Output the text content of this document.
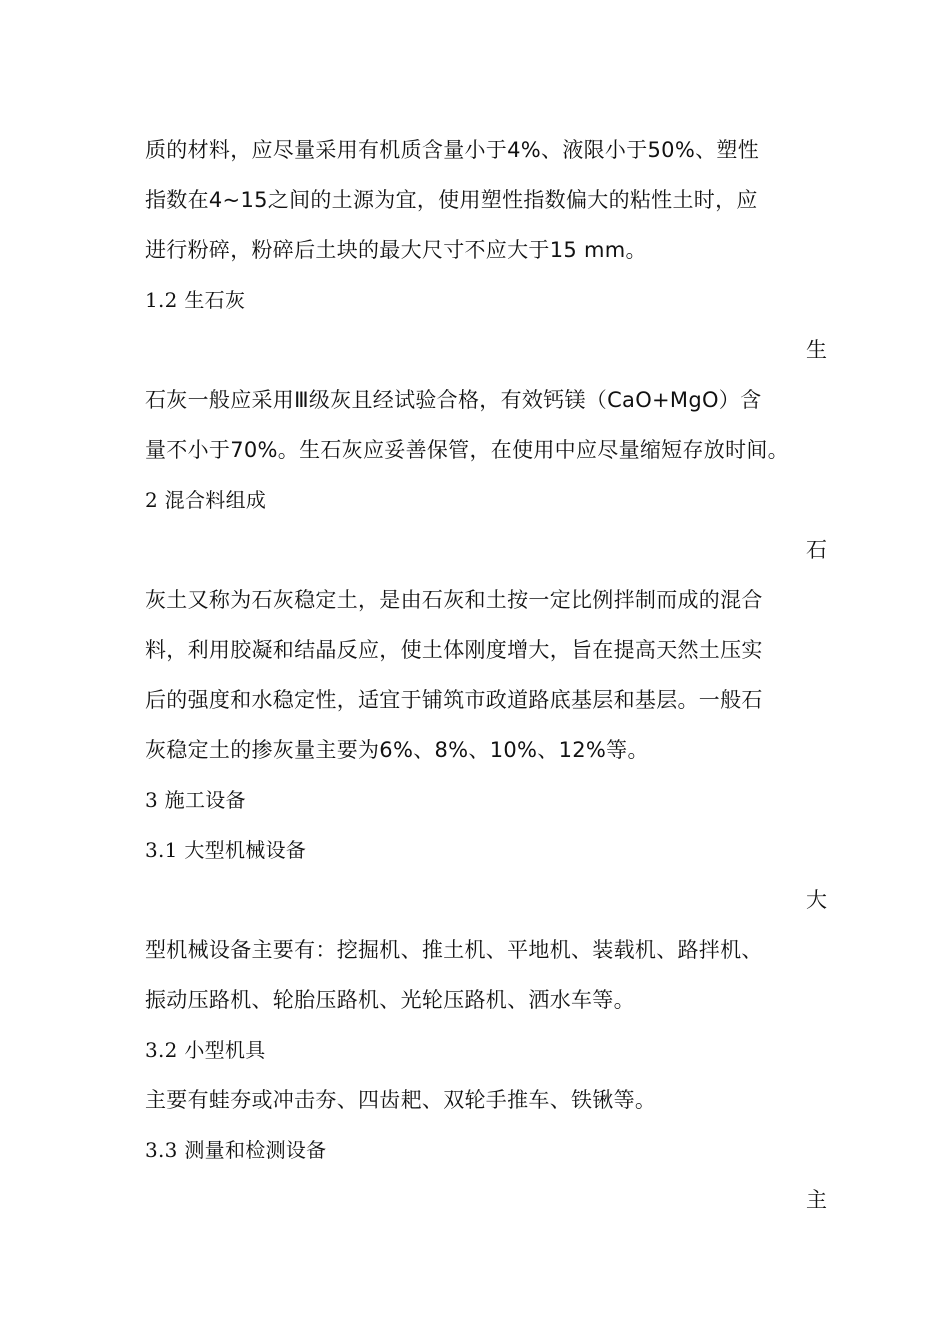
质的材料，应尽量采用有机质含量小于4%、液限小于50%、塑性
指数在4~15之间的土源为宜，使用塑性指数偏大的粘性土时，应
进行粉碎，粉碎后土块的最大尺寸不应大于15 mm。
1.2 生石灰
生
石灰一般应采用Ⅲ级灰且经试验合格，有效钙镁（CaO+MgO）含
量不小于70%。生石灰应妥善保管，在使用中应尽量缩短存放时间。
2 混合料组成
石
灰土又称为石灰稳定土，是由石灰和土按一定比例拌制而成的混合
料，利用胶凝和结晶反应，使土体刚度增大，旨在提高天然土压实
后的强度和水稳定性，适宜于铺筑市政道路底基层和基层。一般石
灰稳定土的掺灰量主要为6%、8%、10%、12%等。
3 施工设备
3.1 大型机械设备
大
型机械设备主要有：挖掘机、推土机、平地机、装载机、路拌机、
振动压路机、轮胎压路机、光轮压路机、洒水车等。
3.2 小型机具
主要有蛙夯或冲击夯、四齿耙、双轮手推车、铁锹等。
3.3 测量和检测设备
主
